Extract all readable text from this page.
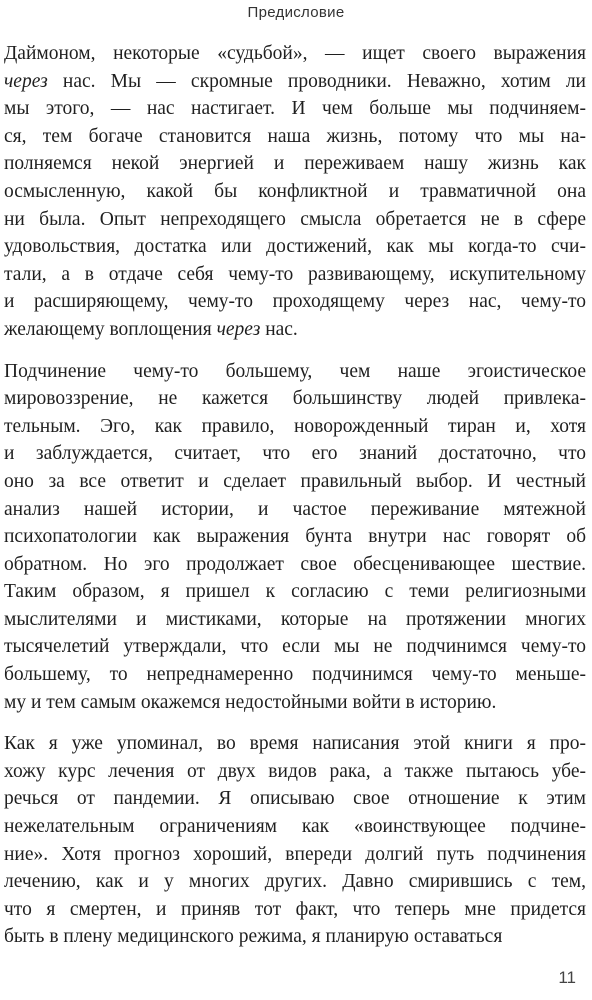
Предисловие

Даймоном, некоторые «судьбой», — ищет своего выражения
через нас. Мы — скромные проводники. Неважно, хотим ли
мы этого, — нас настигает. И чем больше мы подчиняем-
ся, тем богаче становится наша жизнь, потому что мы на-
полняемся некой энергией и переживаем нашу жизнь как
осмысленную, какой бы конфликтной и травматичной она
ни была. Опыт непреходящего смысла обретается не в сфере
удовольствия, достатка или достижений, как мы когда-то счи-
тали, а в отдаче себя чему-то развивающему, искупительному
и расширяющему, чему-то проходящему через нас, чему-то
желающему воплощения через нас.

Подчинение чему-то большему, чем наше эгоистическое
мировоззрение, не кажется большинству людей привлека-
тельным. Эго, как правило, новорожденный тиран и, хотя
и заблуждается, считает, что его знаний достаточно, что
оно за все ответит и сделает правильный выбор. И честный
анализ нашей истории, и частое переживание мятежной
психопатологии как выражения бунта внутри нас говорят об
обратном. Но эго продолжает свое обесценивающее шествие.
Таким образом, я пришел к согласию с теми религиозными
мыслителями и мистиками, которые на протяжении многих
тысячелетий утверждали, что если мы не подчинимся чему-то
большему, то непреднамеренно подчинимся чему-то меньше-
му и тем самым окажемся недостойными войти в историю.

Как я уже упоминал, во время написания этой книги я про-
хожу курс лечения от двух видов рака, а также пытаюсь убе-
речься от пандемии. Я описываю свое отношение к этим
нежелательным ограничениям как «воинствующее подчине-
ние». Хотя прогноз хороший, впереди долгий путь подчинения
лечению, как и у многих других. Давно смирившись с тем,
что я смертен, и приняв тот факт, что теперь мне придется
быть в плену медицинского режима, я планирую оставаться

11
